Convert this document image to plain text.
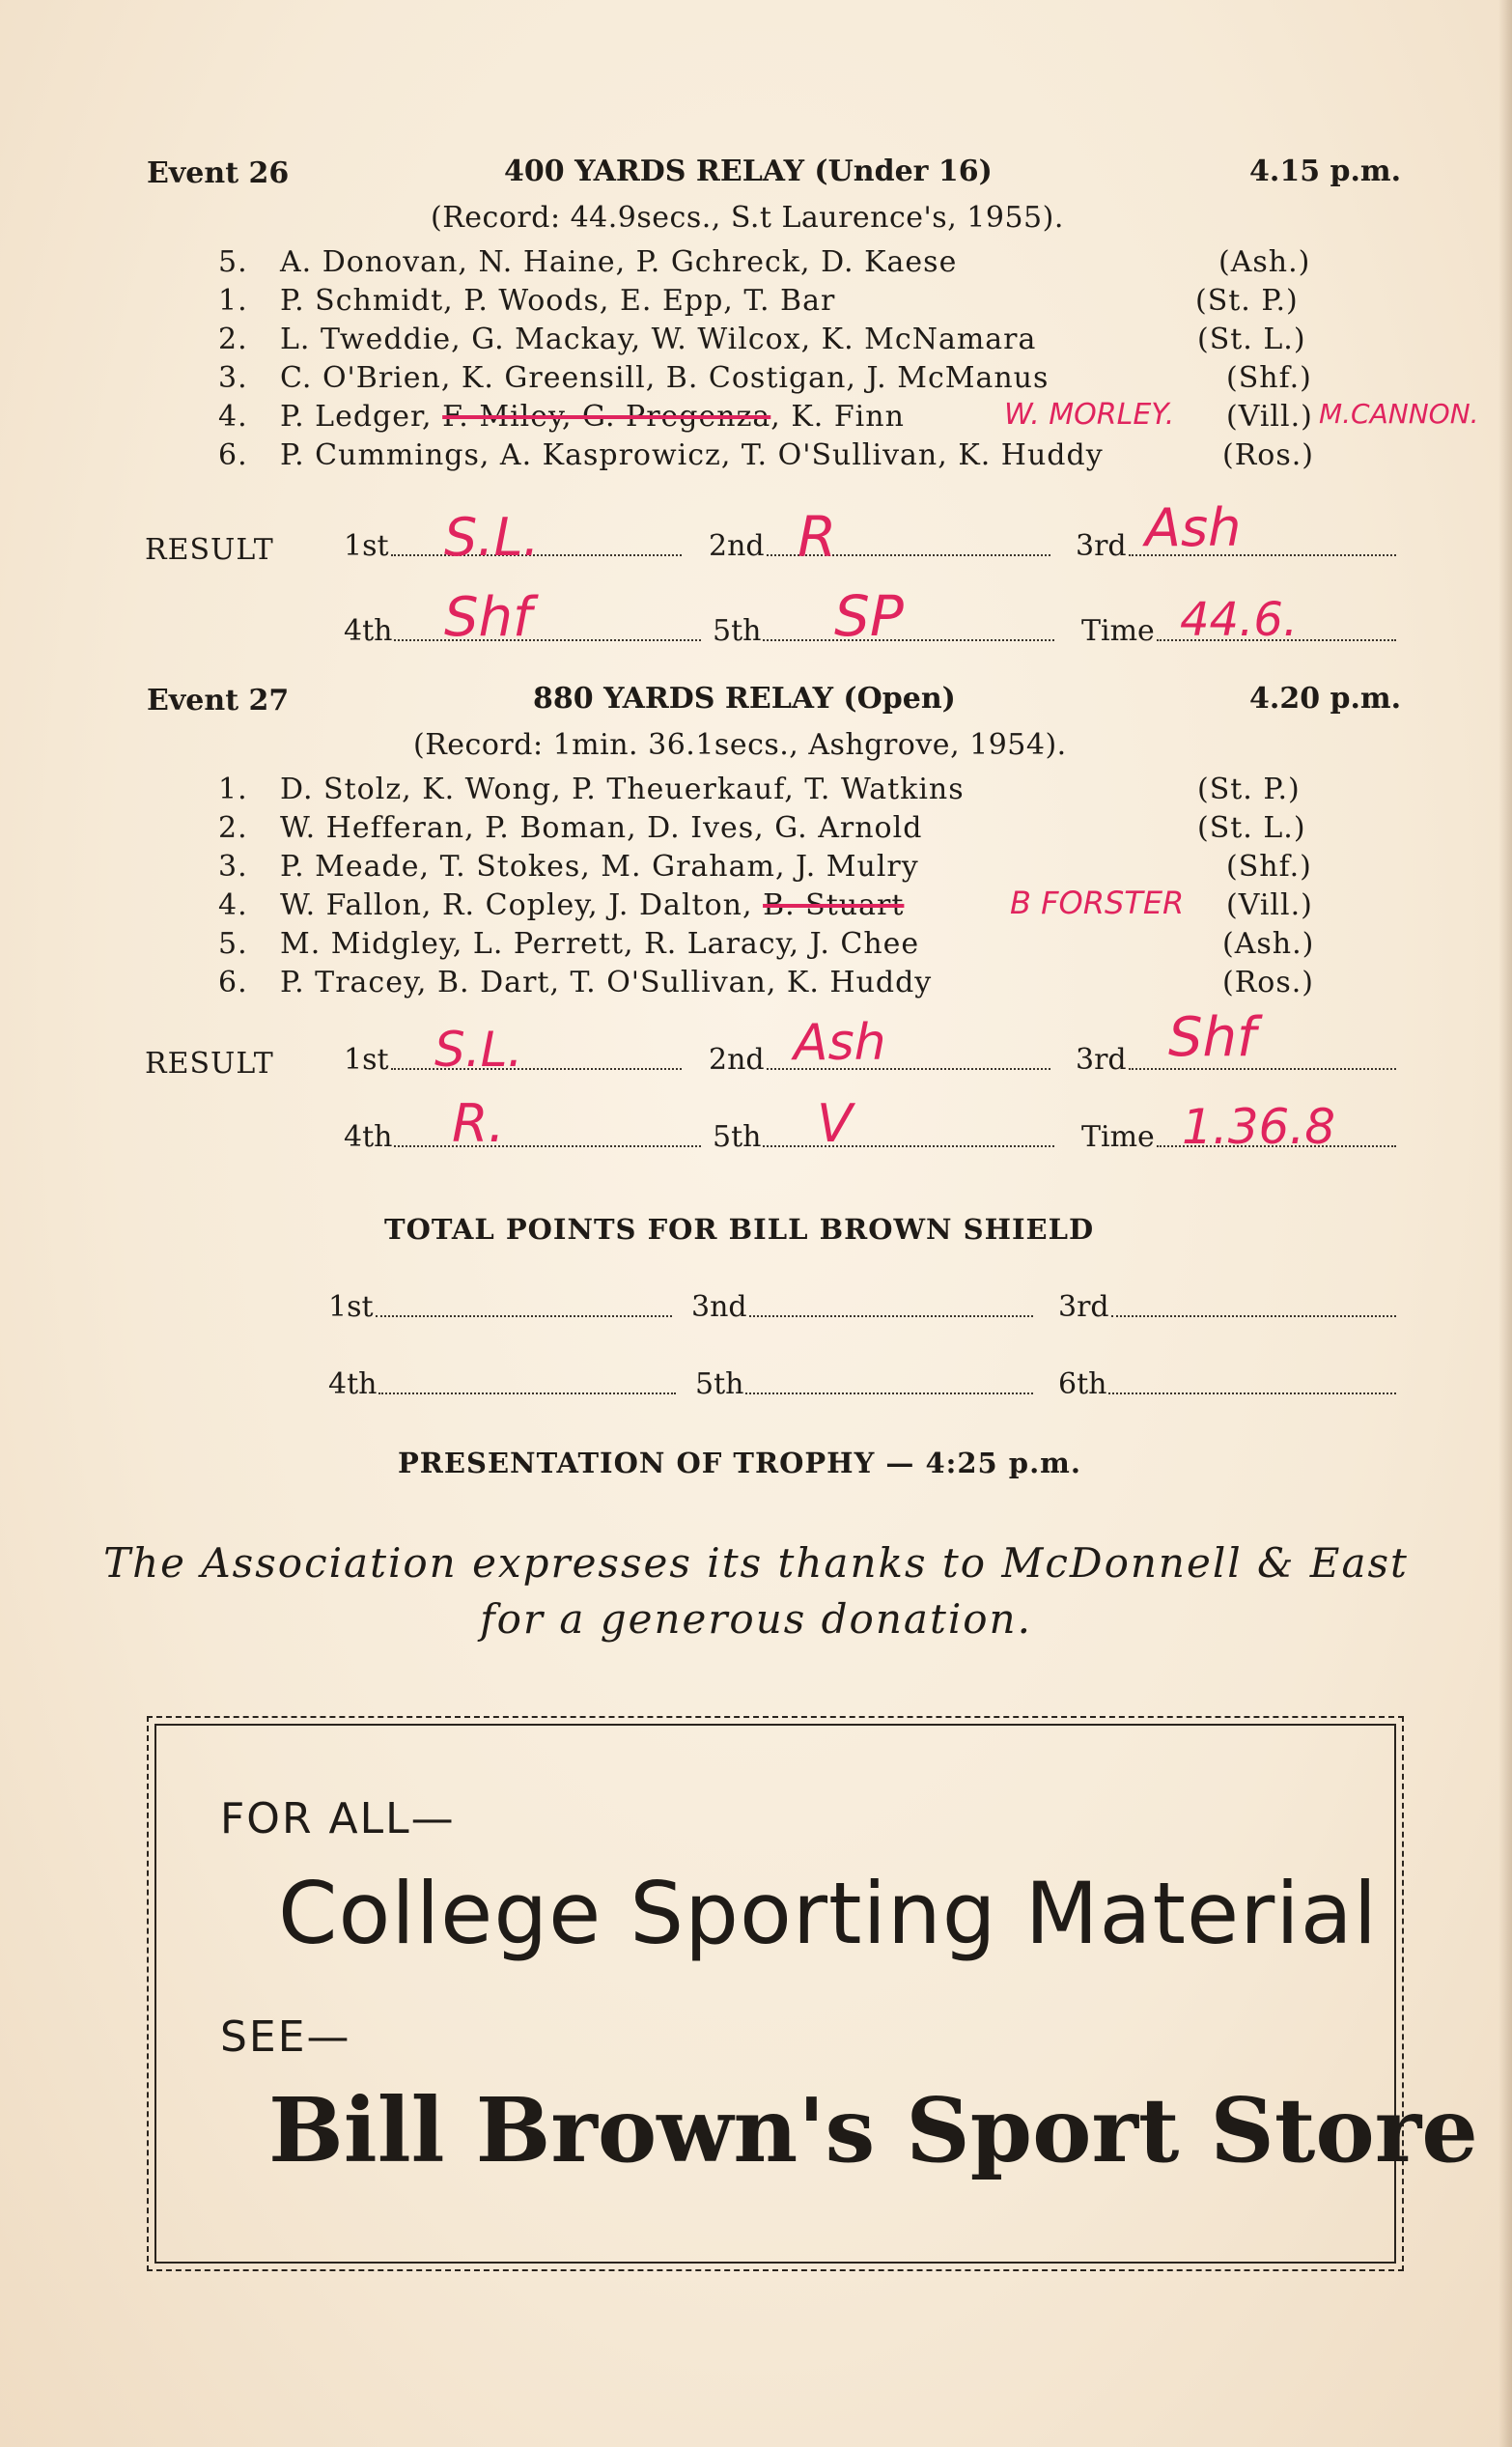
Event 26	400 YARDS RELAY (Under 16)	4.15 p.m.
(Record: 44.9secs., S.t Laurence's, 1955).
5. A. Donovan, N. Haine, P. Gchreck, D. Kaese	(Ash.)
1. P. Schmidt, P. Woods, E. Epp, T. Bar	(St. P.)
2. L. Tweddie, G. Mackay, W. Wilcox, K. McNamara	(St. L.)
3. C. O'Brien, K. Greensill, B. Costigan, J. McManus	(Shf.)
4. P. Ledger, F. Miley, G. Pregenza, K. Finn	W. MORLEY. (Vill.) M.CANNON.
6. P. Cummings, A. Kasprowicz, T. O'Sullivan, K. Huddy	(Ros.)
RESULT 1st S.L.	2nd R	3rd Ash
4th Shf	5th SP	Time 44.6.
Event 27	880 YARDS RELAY (Open)	4.20 p.m.
(Record: 1min. 36.1secs., Ashgrove, 1954).
1. D. Stolz, K. Wong, P. Theuerkauf, T. Watkins	(St. P.)
2. W. Hefferan, P. Boman, D. Ives, G. Arnold	(St. L.)
3. P. Meade, T. Stokes, M. Graham, J. Mulry	(Shf.)
4. W. Fallon, R. Copley, J. Dalton, B. Stuart	B FORSTER (Vill.)
5. M. Midgley, L. Perrett, R. Laracy, J. Chee	(Ash.)
6. P. Tracey, B. Dart, T. O'Sullivan, K. Huddy	(Ros.)
RESULT 1st S.L.	2nd Ash	3rd Shf
4th R.	5th V	Time 1.36.8
TOTAL POINTS FOR BILL BROWN SHIELD
1st	3nd	3rd
4th	5th	6th
PRESENTATION OF TROPHY — 4:25 p.m.
The Association expresses its thanks to McDonnell & East
for a generous donation.
FOR ALL—
College Sporting Material
SEE—
Bill Brown's Sport Store
